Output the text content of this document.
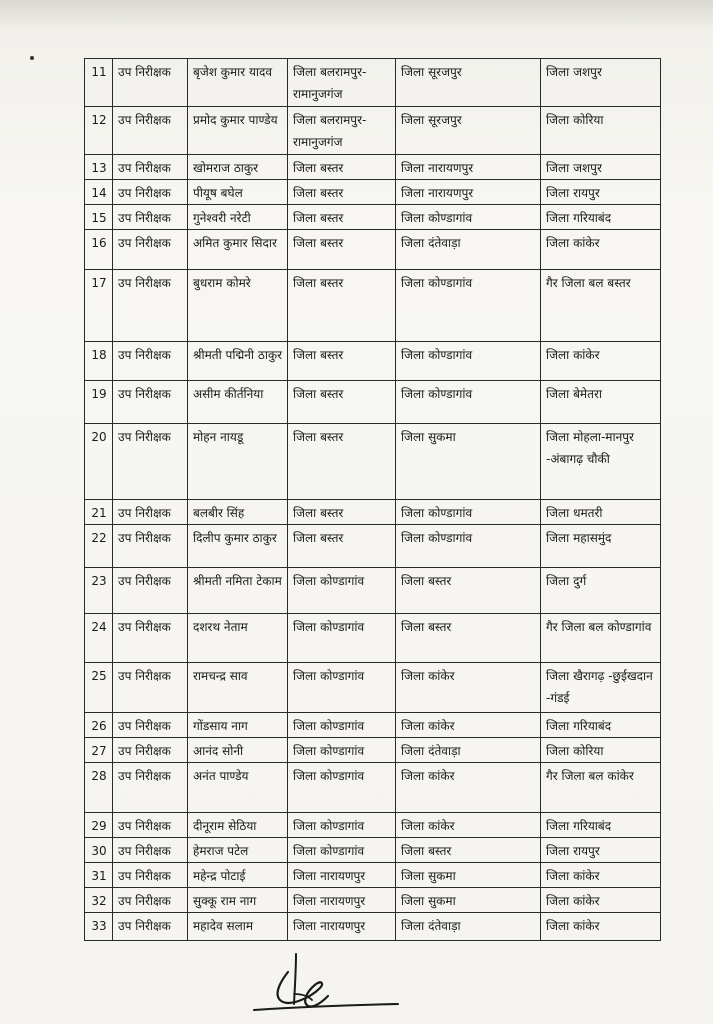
11	उप निरीक्षक	बृजेश कुमार यादव	जिला बलरामपुर-रामानुजगंज	जिला सूरजपुर	जिला जशपुर
12	उप निरीक्षक	प्रमोद कुमार पाण्डेय	जिला बलरामपुर-रामानुजगंज	जिला सूरजपुर	जिला कोरिया
13	उप निरीक्षक	खोमराज ठाकुर	जिला बस्तर	जिला नारायणपुर	जिला जशपुर
14	उप निरीक्षक	पीयूष बघेल	जिला बस्तर	जिला नारायणपुर	जिला रायपुर
15	उप निरीक्षक	गुनेश्वरी नरेटी	जिला बस्तर	जिला कोण्डागांव	जिला गरियाबंद
16	उप निरीक्षक	अमित कुमार सिदार	जिला बस्तर	जिला दंतेवाड़ा	जिला कांकेर
17	उप निरीक्षक	बुधराम कोमरे	जिला बस्तर	जिला कोण्डागांव	गैर जिला बल बस्तर
18	उप निरीक्षक	श्रीमती पद्मिनी ठाकुर	जिला बस्तर	जिला कोण्डागांव	जिला कांकेर
19	उप निरीक्षक	असीम कीर्तनिया	जिला बस्तर	जिला कोण्डागांव	जिला बेमेतरा
20	उप निरीक्षक	मोहन नायडू	जिला बस्तर	जिला सुकमा	जिला मोहला-मानपुर -अंबागढ़ चौकी
21	उप निरीक्षक	बलबीर सिंह	जिला बस्तर	जिला कोण्डागांव	जिला धमतरी
22	उप निरीक्षक	दिलीप कुमार ठाकुर	जिला बस्तर	जिला कोण्डागांव	जिला महासमुंद
23	उप निरीक्षक	श्रीमती नमिता टेकाम	जिला कोण्डागांव	जिला बस्तर	जिला दुर्ग
24	उप निरीक्षक	दशरथ नेताम	जिला कोण्डागांव	जिला बस्तर	गैर जिला बल कोण्डागांव
25	उप निरीक्षक	रामचन्द्र साव	जिला कोण्डागांव	जिला कांकेर	जिला खैरागढ़ -छुईखदान -गंडई
26	उप निरीक्षक	गोंडसाय नाग	जिला कोण्डागांव	जिला कांकेर	जिला गरियाबंद
27	उप निरीक्षक	आनंद सोनी	जिला कोण्डागांव	जिला दंतेवाड़ा	जिला कोरिया
28	उप निरीक्षक	अनंत पाण्डेय	जिला कोण्डागांव	जिला कांकेर	गैर जिला बल कांकेर
29	उप निरीक्षक	दीनूराम सेठिया	जिला कोण्डागांव	जिला कांकेर	जिला गरियाबंद
30	उप निरीक्षक	हेमराज पटेल	जिला कोण्डागांव	जिला बस्तर	जिला रायपुर
31	उप निरीक्षक	महेन्द्र पोटाई	जिला नारायणपुर	जिला सुकमा	जिला कांकेर
32	उप निरीक्षक	सुक्कू राम नाग	जिला नारायणपुर	जिला सुकमा	जिला कांकेर
33	उप निरीक्षक	महादेव सलाम	जिला नारायणपुर	जिला दंतेवाड़ा	जिला कांकेर
